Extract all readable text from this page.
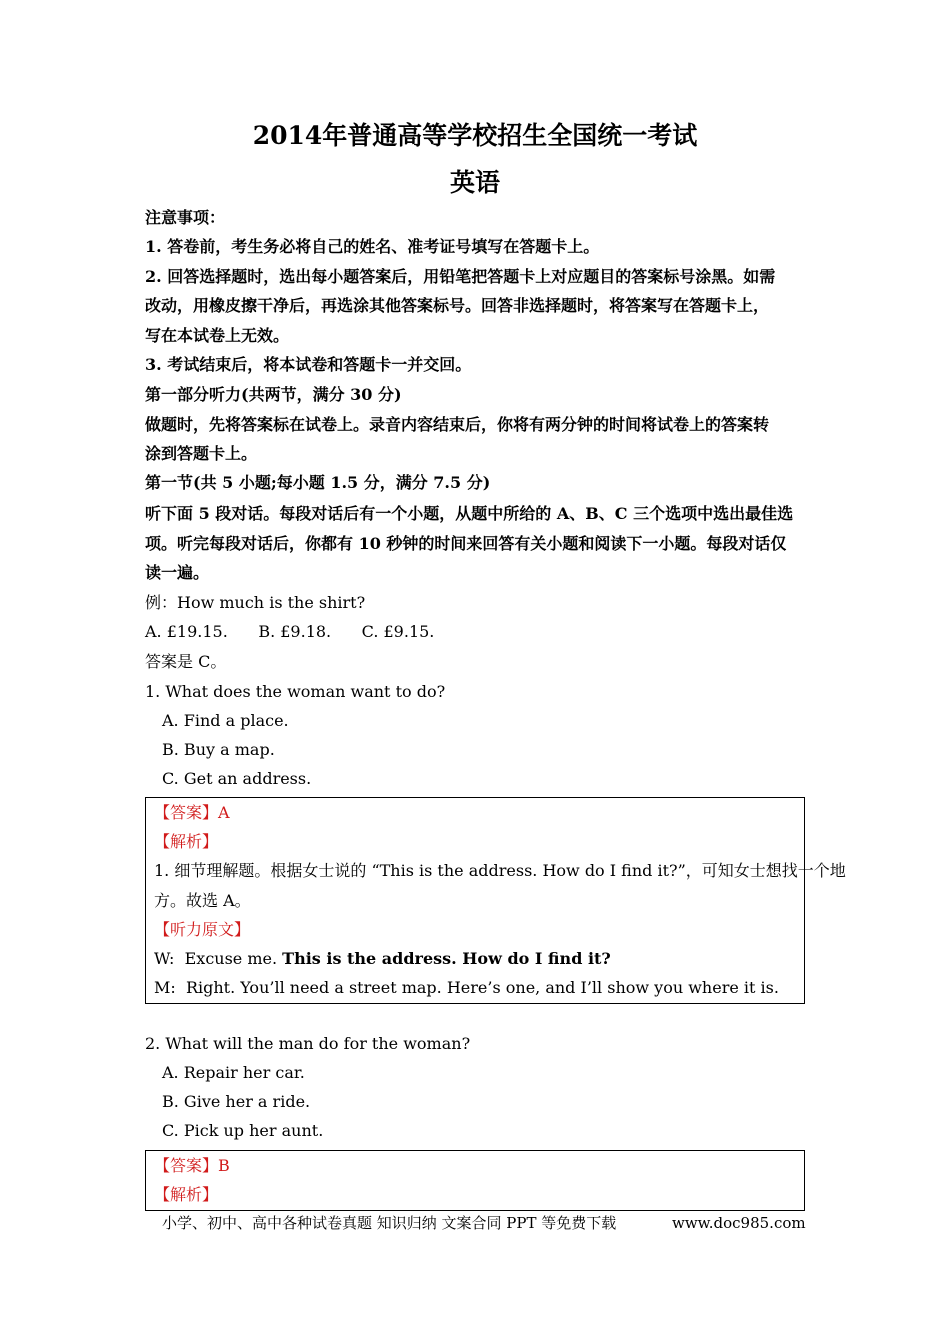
2014年普通高等学校招生全国统一考试
英语
注意事项：
1. 答卷前，考生务必将自己的姓名、准考证号填写在答题卡上。
2. 回答选择题时，选出每小题答案后，用铅笔把答题卡上对应题目的答案标号涂黑。如需
改动，用橡皮擦干净后，再选涂其他答案标号。回答非选择题时，将答案写在答题卡上，
写在本试卷上无效。
3. 考试结束后，将本试卷和答题卡一并交回。
第一部分听力(共两节，满分 30 分)
做题时，先将答案标在试卷上。录音内容结束后，你将有两分钟的时间将试卷上的答案转
涂到答题卡上。
第一节(共 5 小题;每小题 1.5 分，满分 7.5 分)
听下面 5 段对话。每段对话后有一个小题，从题中所给的 A、B、C 三个选项中选出最佳选
项。听完每段对话后，你都有 10 秒钟的时间来回答有关小题和阅读下一小题。每段对话仅
读一遍。
例：How much is the shirt?
A. £19.15.      B. £9.18.      C. £9.15.
答案是 C。
1. What does the woman want to do?
A. Find a place.
B. Buy a map.
C. Get an address.
【答案】A
【解析】
1. 细节理解题。根据女士说的 “This is the address. How do I find it?”，可知女士想找一个地
方。故选 A。
【听力原文】
W:  Excuse me. This is the address. How do I find it?
M:  Right. You’ll need a street map. Here’s one, and I’ll show you where it is.
2. What will the man do for the woman?
A. Repair her car.
B. Give her a ride.
C. Pick up her aunt.
【答案】B
【解析】
小学、初中、高中各种试卷真题 知识归纳 文案合同 PPT 等免费下载	www.doc985.com
